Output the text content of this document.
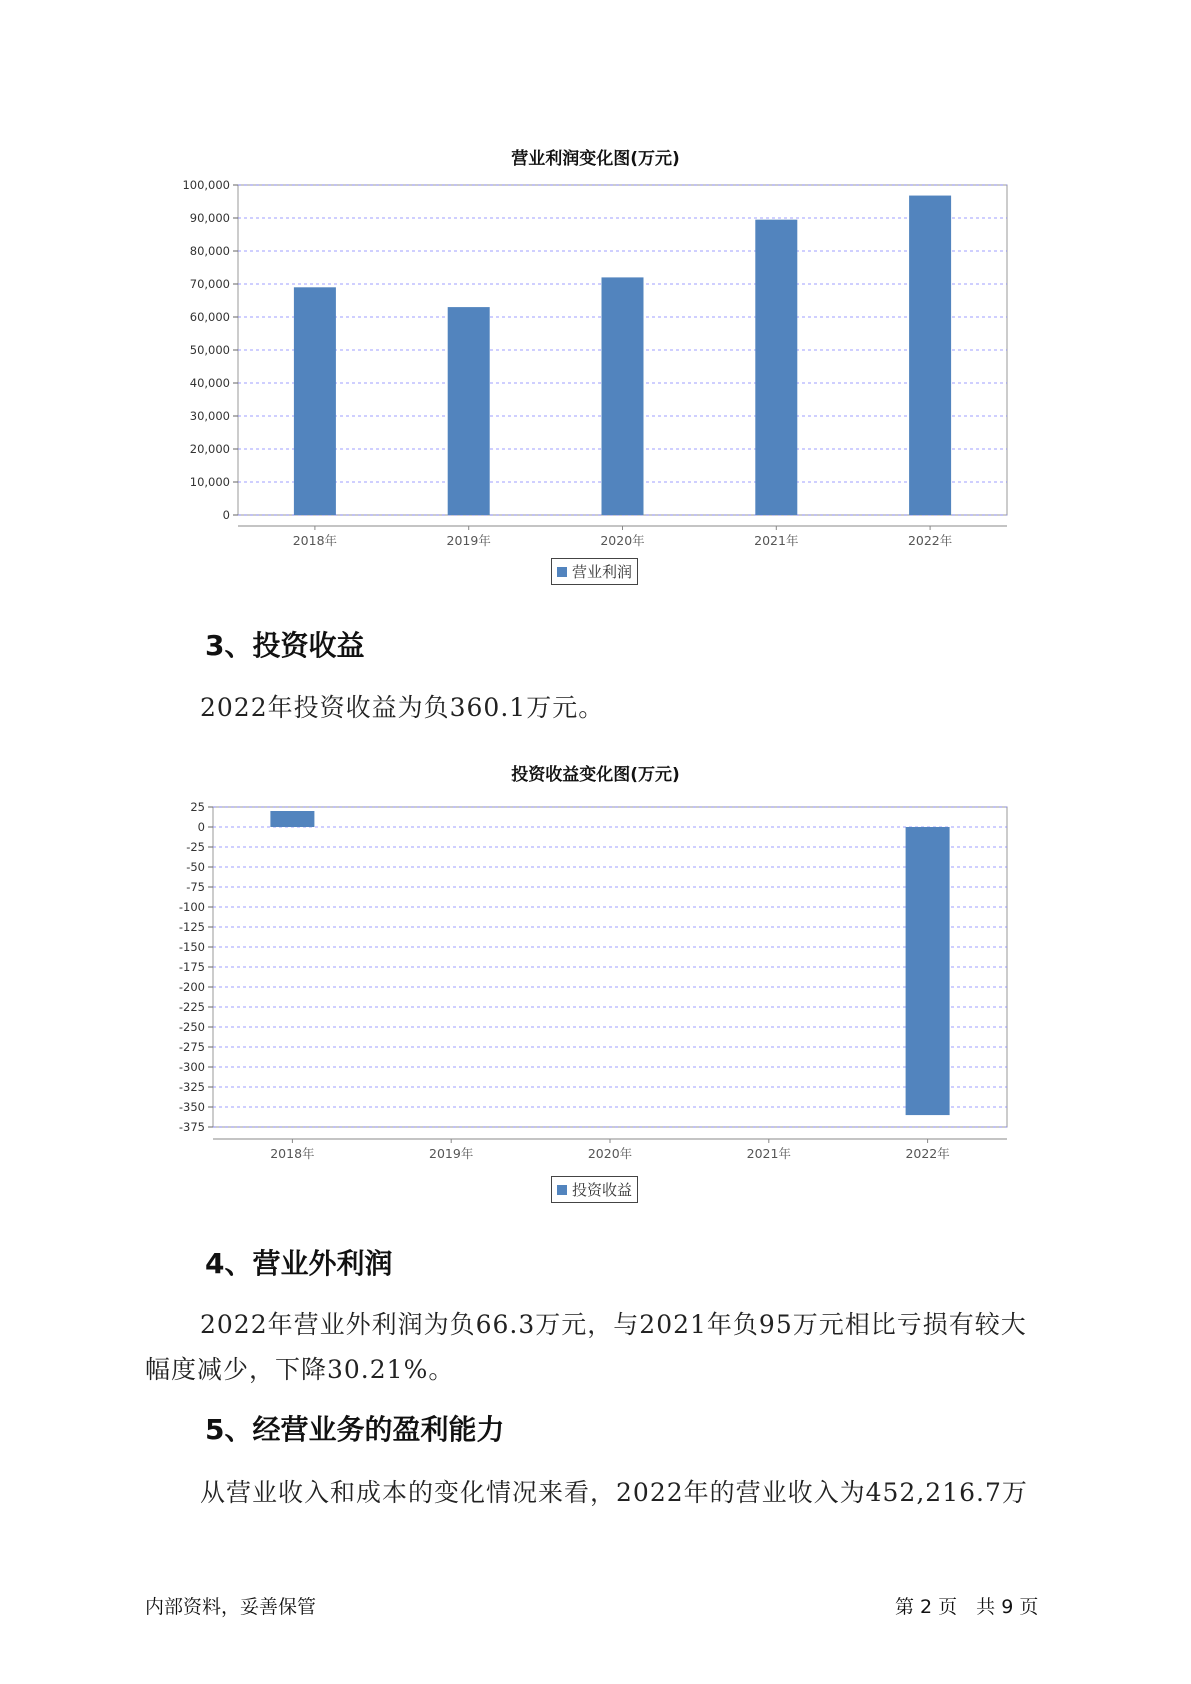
营业利润变化图(万元)
0
10,000
20,000
30,000
40,000
50,000
60,000
70,000
80,000
90,000
100,000
2018年	2019年	2020年	2021年	2022年
营业利润
3、投资收益
2022年投资收益为负360.1万元。
投资收益变化图(万元)
25
0
-25
-50
-75
-100
-125
-150
-175
-200
-225
-250
-275
-300
-325
-350
-375
2018年	2019年	2020年	2021年	2022年
投资收益
4、营业外利润
2022年营业外利润为负66.3万元，与2021年负95万元相比亏损有较大
幅度减少，下降30.21%。
5、经营业务的盈利能力
从营业收入和成本的变化情况来看，2022年的营业收入为452,216.7万
内部资料，妥善保管	第 2 页　共 9 页
